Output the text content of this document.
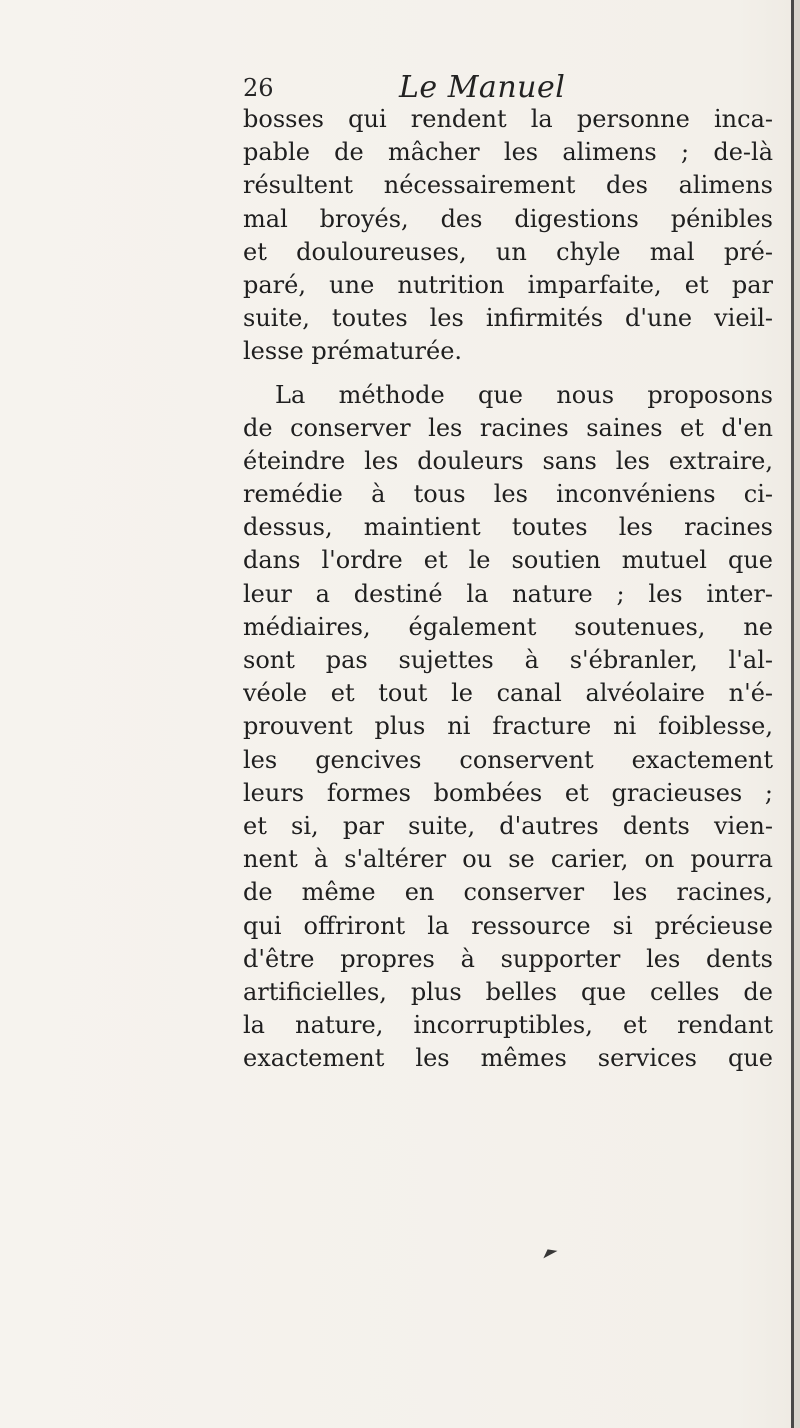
26	Le Manuel
bosses qui rendent la personne inca-
pable de mâcher les alimens ; de-là
résultent nécessairement des alimens
mal broyés, des digestions pénibles
et douloureuses, un chyle mal pré-
paré, une nutrition imparfaite, et par
suite, toutes les infirmités d'une vieil-
lesse prématurée.
La méthode que nous proposons
de conserver les racines saines et d'en
éteindre les douleurs sans les extraire,
remédie à tous les inconvéniens ci-
dessus, maintient toutes les racines
dans l'ordre et le soutien mutuel que
leur a destiné la nature ; les inter-
médiaires, également soutenues, ne
sont pas sujettes à s'ébranler, l'al-
véole et tout le canal alvéolaire n'é-
prouvent plus ni fracture ni foiblesse,
les gencives conservent exactement
leurs formes bombées et gracieuses ;
et si, par suite, d'autres dents vien-
nent à s'altérer ou se carier, on pourra
de même en conserver les racines,
qui offriront la ressource si précieuse
d'être propres à supporter les dents
artificielles, plus belles que celles de
la nature, incorruptibles, et rendant
exactement les mêmes services que
